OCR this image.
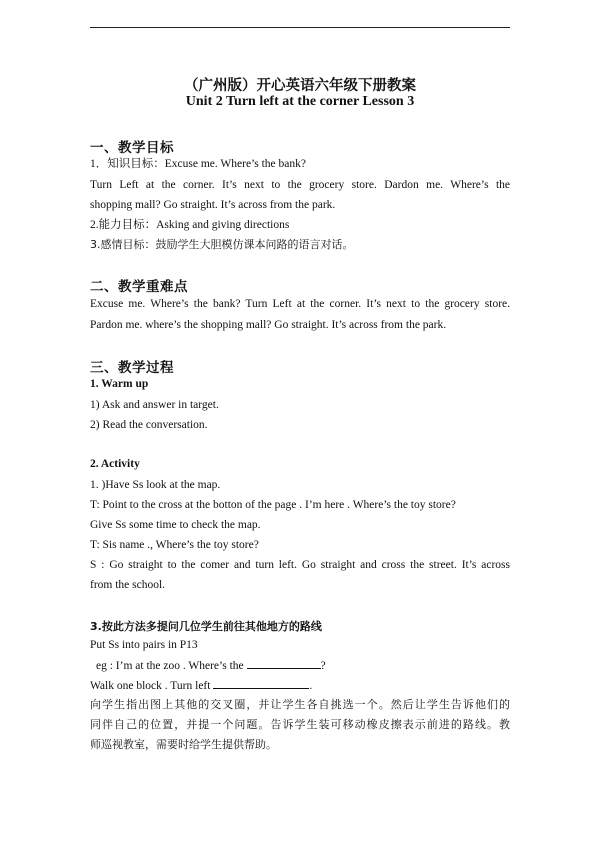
（广州版）开心英语六年级下册教案
Unit 2 Turn left at the corner Lesson 3
一、教学目标
1．知识目标：Excuse me. Where’s the bank?
Turn Left at the corner. It’s next to the grocery store. Dardon me. Where’s the
shopping mall? Go straight. It’s across from the park.
2.能力目标：Asking and giving directions
3.感情目标：鼓励学生大胆模仿课本问路的语言对话。
二、教学重难点
Excuse me. Where’s the bank? Turn Left at the corner. It’s next to the grocery store.
Pardon me. where’s the shopping mall? Go straight. It’s across from the park.
三、教学过程
1. Warm up
1) Ask and answer in target.
2) Read the conversation.
2. Activity
1. )Have Ss look at the map.
T: Point to the cross at the botton of the page . I’m here . Where’s the toy store?
Give Ss some time to check the map.
T: Sis name ., Where’s the toy store?
S : Go straight to the comer and turn left. Go straight and cross the street. It’s across
from the school.
3.按此方法多提问几位学生前往其他地方的路线
Put Ss into pairs in P13
eg : I’m at the zoo . Where’s the	?
Walk one block . Turn left	.
向学生指出图上其他的交叉圈，并让学生各自挑选一个。然后让学生告诉他们的
同伴自己的位置，并提一个问题。告诉学生装可移动橡皮擦表示前进的路线。教
师巡视教室，需要时给学生提供帮助。
